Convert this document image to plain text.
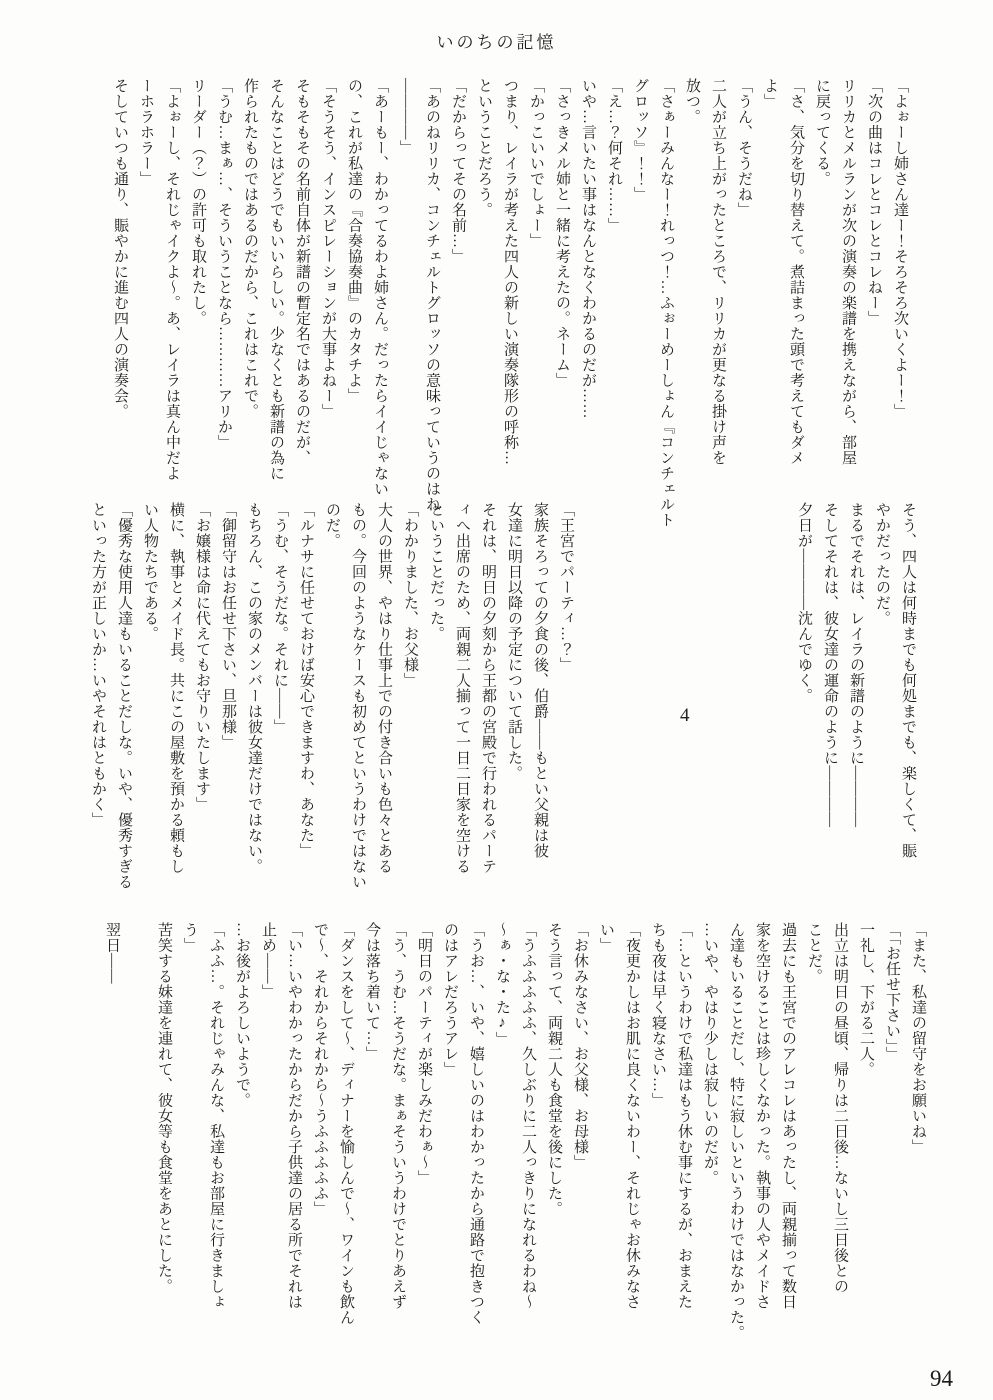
いのちの記憶

「よぉーし姉さん達ー！そろそろ次いくよー！」

「次の曲はコレとコレとコレねー」

リリカとメルランが次の演奏の楽譜を携えながら、部屋

に戻ってくる。

「さ、気分を切り替えて。煮詰まった頭で考えてもダメ

よ」

「うん、そうだね」

二人が立ち上がったところで、リリカが更なる掛け声を

放つ。

「さぁーみんなー！れっつ！…ふぉーめーしょん『コンチェルト

グロッソ』！！」

「え…？何それ……」

いや…言いたい事はなんとなくわかるのだが……

「さっきメル姉と一緒に考えたの。ネーム」

「かっこいいでしょー」

つまり、レイラが考えた四人の新しい演奏隊形の呼称…

ということだろう。

「だからってその名前…」

「あのねリリカ、コンチェルトグロッソの意味っていうのはね

――――」

「あーもー、わかってるわよ姉さん。だったらイイじゃない

の、これが私達の『合奏協奏曲』のカタチよ」

「そうそう、インスピレーションが大事よねー」

そもそもその名前自体が新譜の暫定名ではあるのだが、

そんなことはどうでもいいらしい。少なくとも新譜の為に

作られたものではあるのだから、これはこれで。

「うむ…まぁ…、そういうことなら…………アリか」

リーダー（？）の許可も取れたし。

「よぉーし、それじゃイクよ～。あ、レイラは真ん中だよ

ーホラホラー」

そしていつも通り、賑やかに進む四人の演奏会。

そう、四人は何時までも何処までも、楽しくて、賑

やかだったのだ。

まるでそれは、レイラの新譜のように――――

そしてそれは、彼女達の運命のように――――

夕日が――――沈んでゆく。

4

「王宮でパーティ…？」

家族そろっての夕食の後、伯爵――もとい父親は彼

女達に明日以降の予定について話した。

それは、明日の夕刻から王都の宮殿で行われるパーテ

ィへ出席のため、両親二人揃って一日二日家を空ける

ということだった。

「わかりました、お父様」

大人の世界、やはり仕事上での付き合いも色々とある

もの。今回のようなケースも初めてというわけではない

のだ。

「ルナサに任せておけば安心できますわ、あなた」

「うむ、そうだな。それに――」

もちろん、この家のメンバーは彼女達だけではない。

「御留守はお任せ下さい、旦那様」

「お嬢様は命に代えてもお守りいたします」

横に、執事とメイド長。共にこの屋敷を預かる頼もし

い人物たちである。

「優秀な使用人達もいることだしな。いや、優秀すぎる

といった方が正しいか…いやそれはともかく」

「また、私達の留守をお願いね」

「「お任せ下さい」」

一礼し、下がる二人。

出立は明日の昼頃、帰りは二日後…ないし三日後との

ことだ。

過去にも王宮でのアレコレはあったし、両親揃って数日

家を空けることは珍しくなかった。執事の人やメイドさ

ん達もいることだし、特に寂しいというわけではなかった。

…いや、やはり少しは寂しいのだが。

「…というわけで私達はもう休む事にするが、おまえた

ちも夜は早く寝なさい…」

「夜更かしはお肌に良くないわー、それじゃお休みなさ

い」

「お休みなさい、お父様、お母様」

そう言って、両親二人も食堂を後にした。

「うふふふふふ、久しぶりに二人っきりになれるわね～

～ぁ・な・た♪」

「うお…、いや、嬉しいのはわかったから通路で抱きつく

のはアレだろうアレ」

「明日のパーティが楽しみだわぁ～」

「う、うむ…そうだな。まぁそういうわけでとりあえず

今は落ち着いて…」

「ダンスをして～、ディナーを愉しんで～、ワインも飲ん

で～、それからそれから～うふふふふふ」

「い…いやわかったからだから子供達の居る所でそれは

止め――」

…お後がよろしいようで。

「ふふ…。それじゃみんな、私達もお部屋に行きましょ

う」

苦笑する妹達を連れて、彼女等も食堂をあとにした。

翌日――

94
